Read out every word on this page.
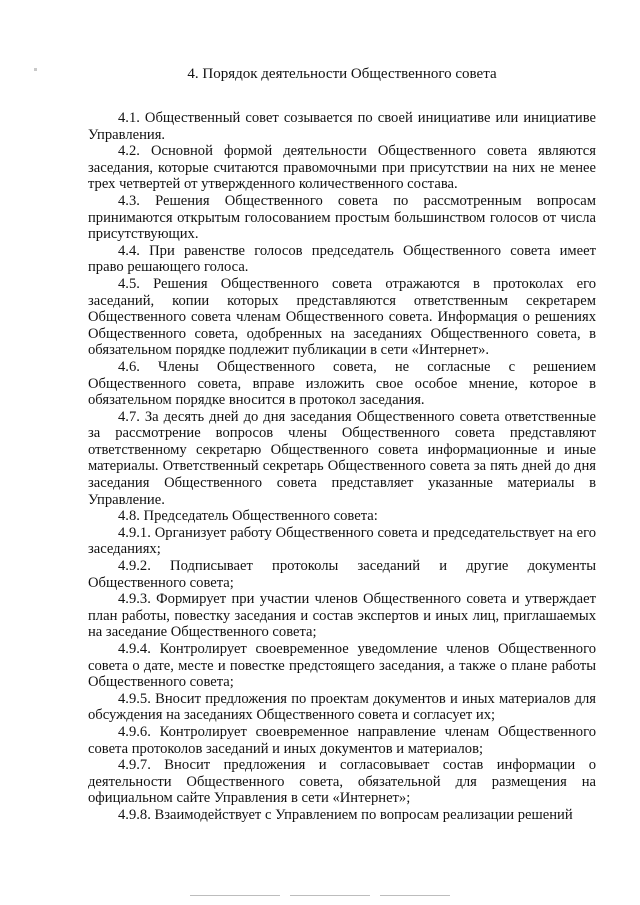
4. Порядок деятельности Общественного совета

4.1. Общественный совет созывается по своей инициативе или инициативе Управления.

4.2. Основной формой деятельности Общественного совета являются заседания, которые считаются правомочными при присутствии на них не менее трех четвертей от утвержденного количественного состава.

4.3. Решения Общественного совета по рассмотренным вопросам принимаются открытым голосованием простым большинством голосов от числа присутствующих.

4.4. При равенстве голосов председатель Общественного совета имеет право решающего голоса.

4.5. Решения Общественного совета отражаются в протоколах его заседаний, копии которых представляются ответственным секретарем Общественного совета членам Общественного совета. Информация о решениях Общественного совета, одобренных на заседаниях Общественного совета, в обязательном порядке подлежит публикации в сети «Интернет».

4.6. Члены Общественного совета, не согласные с решением Общественного совета, вправе изложить свое особое мнение, которое в обязательном порядке вносится в протокол заседания.

4.7. За десять дней до дня заседания Общественного совета ответственные за рассмотрение вопросов члены Общественного совета представляют ответственному секретарю Общественного совета информационные и иные материалы. Ответственный секретарь Общественного совета за пять дней до дня заседания Общественного совета представляет указанные материалы в Управление.

4.8. Председатель Общественного совета:

4.9.1. Организует работу Общественного совета и председательствует на его заседаниях;

4.9.2. Подписывает протоколы заседаний и другие документы Общественного совета;

4.9.3. Формирует при участии членов Общественного совета и утверждает план работы, повестку заседания и состав экспертов и иных лиц, приглашаемых на заседание Общественного совета;

4.9.4. Контролирует своевременное уведомление членов Общественного совета о дате, месте и повестке предстоящего заседания, а также о плане работы Общественного совета;

4.9.5. Вносит предложения по проектам документов и иных материалов для обсуждения на заседаниях Общественного совета и согласует их;

4.9.6. Контролирует своевременное направление членам Общественного совета протоколов заседаний и иных документов и материалов;

4.9.7. Вносит предложения и согласовывает состав информации о деятельности Общественного совета, обязательной для размещения на официальном сайте Управления в сети «Интернет»;

4.9.8. Взаимодействует с Управлением по вопросам реализации решений
